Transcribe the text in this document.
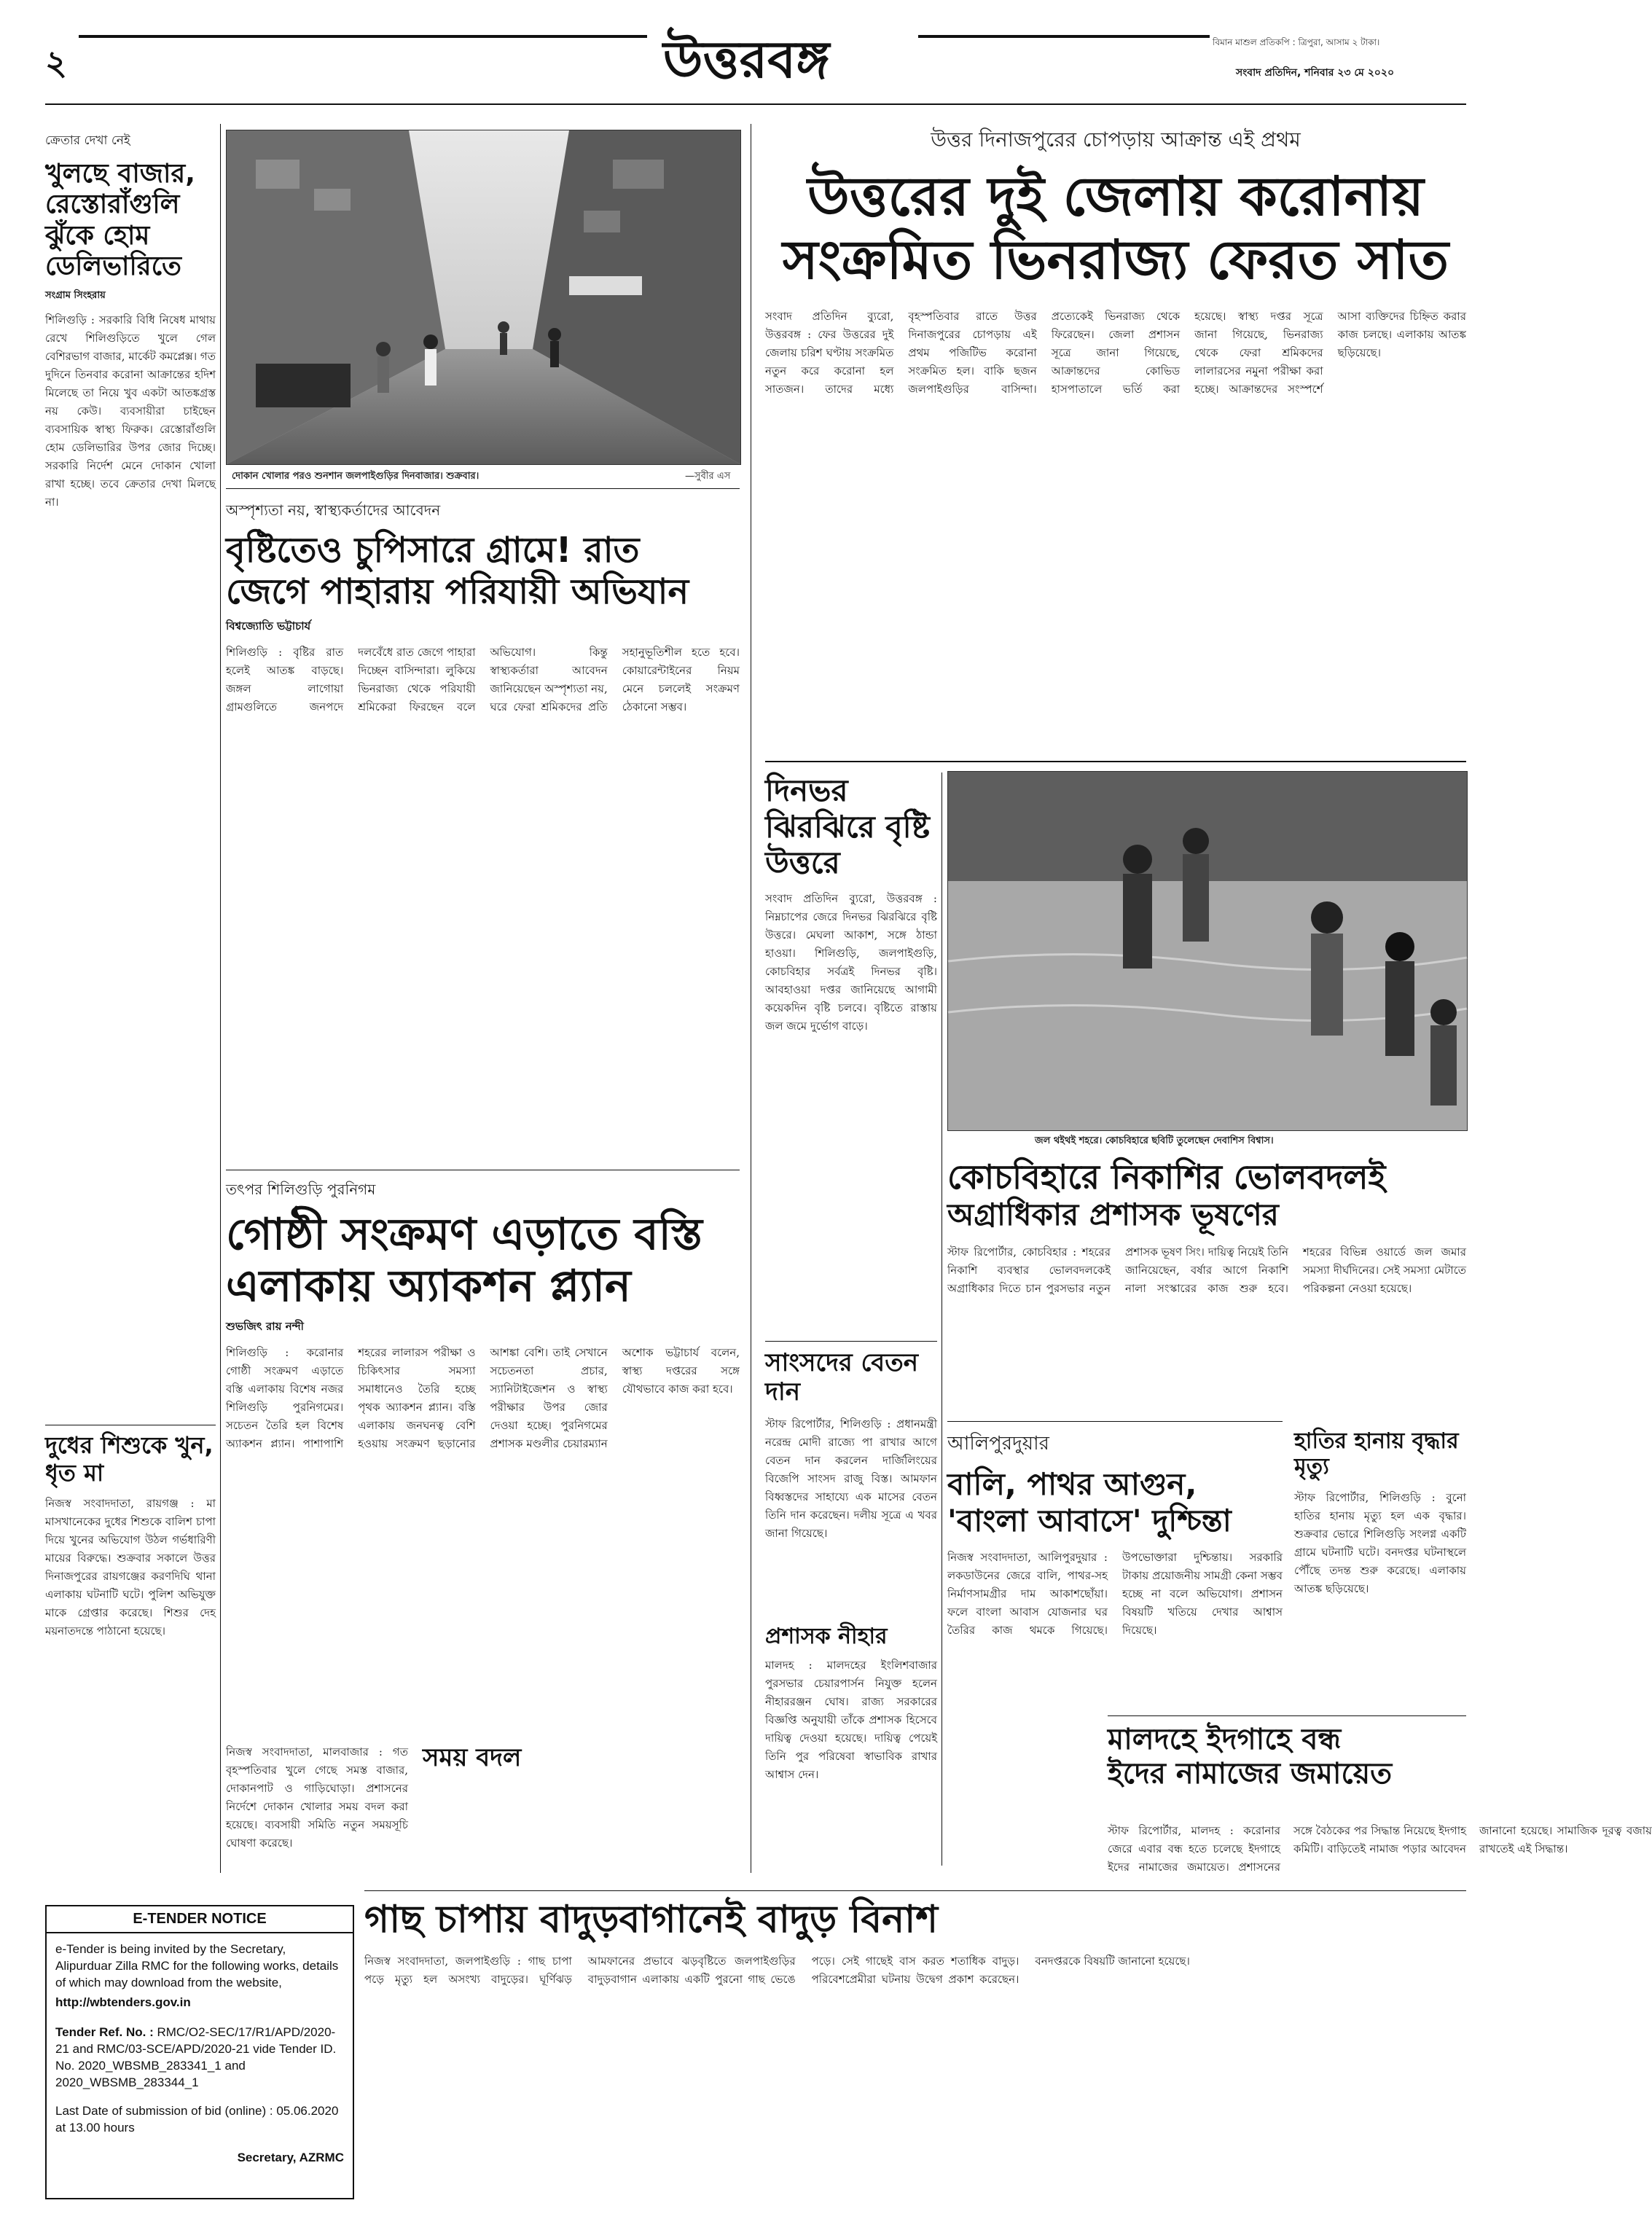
২	উত্তরবঙ্গ	বিমান মাশুল প্রতিকপি : ত্রিপুরা, আসাম ২ টাকা।
সংবাদ প্রতিদিন, শনিবার ২৩ মে ২০২০
ক্রেতার দেখা নেই
খুলছে বাজার, রেস্তোরাঁগুলি ঝুঁকে হোম ডেলিভারিতে
সংগ্রাম সিংহরায়
শিলিগুড়ি : সরকারি বিধি নিষেধ মাথায় রেখে শিলিগুড়িতে খুলে গেল বেশিরভাগ বাজার, মার্কেট কমপ্লেক্স। গত দুদিনে তিনবার করোনা আক্রান্তের হদিশ মিলেছে তা নিয়ে খুব একটা আতঙ্কগ্রস্ত নয় কেউ। ব্যবসায়ীরা চাইছেন ব্যবসায়িক স্বাস্থ্য ফিরুক। রেস্তোরাঁগুলি হোম ডেলিভারির উপর জোর দিচ্ছে। সরকারি নির্দেশ মেনে দোকান খোলা রাখা হচ্ছে। তবে ক্রেতার দেখা মিলছে না।
দোকান খোলার পরও শুনশান জলপাইগুড়ির দিনবাজার। শুক্রবার।	—সুবীর এস
অস্পৃশ্যতা নয়, স্বাস্থ্যকর্তাদের আবেদন
বৃষ্টিতেও চুপিসারে গ্রামে! রাত
জেগে পাহারায় পরিযায়ী অভিযান
বিশ্বজ্যোতি ভট্টাচার্য
শিলিগুড়ি : বৃষ্টির রাত হলেই আতঙ্ক বাড়ছে। জঙ্গল লাগোয়া গ্রামগুলিতে জনপদে দলবেঁধে রাত জেগে পাহারা দিচ্ছেন বাসিন্দারা। লুকিয়ে ভিনরাজ্য থেকে পরিযায়ী শ্রমিকেরা ফিরছেন বলে অভিযোগ। কিন্তু স্বাস্থ্যকর্তারা আবেদন জানিয়েছেন অস্পৃশ্যতা নয়, ঘরে ফেরা শ্রমিকদের প্রতি সহানুভূতিশীল হতে হবে। কোয়ারেন্টাইনের নিয়ম মেনে চললেই সংক্রমণ ঠেকানো সম্ভব।
তৎপর শিলিগুড়ি পুরনিগম
গোষ্ঠী সংক্রমণ এড়াতে বস্তি
এলাকায় অ্যাকশন প্ল্যান
শুভজিৎ রায় নন্দী
শিলিগুড়ি : করোনার গোষ্ঠী সংক্রমণ এড়াতে বস্তি এলাকায় বিশেষ নজর শিলিগুড়ি পুরনিগমের। সচেতন তৈরি হল বিশেষ অ্যাকশন প্ল্যান। পাশাপাশি শহরের লালারস পরীক্ষা ও চিকিৎসার সমস্যা সমাধানেও তৈরি হচ্ছে পৃথক অ্যাকশন প্ল্যান। বস্তি এলাকায় জনঘনত্ব বেশি হওয়ায় সংক্রমণ ছড়ানোর আশঙ্কা বেশি। তাই সেখানে সচেতনতা প্রচার, স্যানিটাইজেশন ও স্বাস্থ্য পরীক্ষার উপর জোর দেওয়া হচ্ছে। পুরনিগমের প্রশাসক মণ্ডলীর চেয়ারম্যান অশোক ভট্টাচার্য বলেন, স্বাস্থ্য দপ্তরের সঙ্গে যৌথভাবে কাজ করা হবে।
দুধের শিশুকে খুন, ধৃত মা
নিজস্ব সংবাদদাতা, রায়গঞ্জ : মা মাসখানেকের দুধের শিশুকে বালিশ চাপা দিয়ে খুনের অভিযোগ উঠল গর্ভধারিণী মায়ের বিরুদ্ধে। শুক্রবার সকালে উত্তর দিনাজপুরের রায়গঞ্জের করণদিঘি থানা এলাকায় ঘটনাটি ঘটে। পুলিশ অভিযুক্ত মাকে গ্রেপ্তার করেছে। শিশুর দেহ ময়নাতদন্তে পাঠানো হয়েছে।
নিজস্ব সংবাদদাতা, মালবাজার : গত বৃহস্পতিবার খুলে গেছে সমস্ত বাজার, দোকানপাট ও গাড়িঘোড়া। প্রশাসনের নির্দেশে দোকান খোলার সময় বদল করা হয়েছে। ব্যবসায়ী সমিতি নতুন সময়সূচি ঘোষণা করেছে।
সময় বদল
গাছ চাপায় বাদুড়বাগানেই বাদুড় বিনাশ
নিজস্ব সংবাদদাতা, জলপাইগুড়ি : গাছ চাপা পড়ে মৃত্যু হল অসংখ্য বাদুড়ের। ঘূর্ণিঝড় আমফানের প্রভাবে ঝড়বৃষ্টিতে জলপাইগুড়ির বাদুড়বাগান এলাকায় একটি পুরনো গাছ ভেঙে পড়ে। সেই গাছেই বাস করত শতাধিক বাদুড়। পরিবেশপ্রেমীরা ঘটনায় উদ্বেগ প্রকাশ করেছেন। বনদপ্তরকে বিষয়টি জানানো হয়েছে।
E-TENDER NOTICE
e-Tender is being invited by the Secretary, Alipurduar Zilla RMC for the following works, details of which may download from the website,
http://wbtenders.gov.in
Tender Ref. No. : RMC/O2-SEC/17/R1/APD/2020-21 and RMC/03-SCE/APD/2020-21 vide Tender ID. No. 2020_WBSMB_283341_1 and 2020_WBSMB_283344_1
Last Date of submission of bid (online) : 05.06.2020 at 13.00 hours
Secretary, AZRMC
উত্তর দিনাজপুরের চোপড়ায় আক্রান্ত এই প্রথম
উত্তরের দুই জেলায় করোনায়
সংক্রমিত ভিনরাজ্য ফেরত সাত
সংবাদ প্রতিদিন ব্যুরো, উত্তরবঙ্গ : ফের উত্তরের দুই জেলায় চরিশ ঘণ্টায় সংক্রমিত নতুন করে করোনা হল সাতজন। তাদের মধ্যে বৃহস্পতিবার রাতে উত্তর দিনাজপুরের চোপড়ায় এই প্রথম পজিটিভ করোনা সংক্রমিত হল। বাকি ছজন জলপাইগুড়ির বাসিন্দা। প্রত্যেকেই ভিনরাজ্য থেকে ফিরেছেন। জেলা প্রশাসন সূত্রে জানা গিয়েছে, আক্রান্তদের কোভিড হাসপাতালে ভর্তি করা হয়েছে। স্বাস্থ্য দপ্তর সূত্রে জানা গিয়েছে, ভিনরাজ্য থেকে ফেরা শ্রমিকদের লালারসের নমুনা পরীক্ষা করা হচ্ছে। আক্রান্তদের সংস্পর্শে আসা ব্যক্তিদের চিহ্নিত করার কাজ চলছে। এলাকায় আতঙ্ক ছড়িয়েছে।
দিনভর ঝিরঝিরে বৃষ্টি উত্তরে
সংবাদ প্রতিদিন ব্যুরো, উত্তরবঙ্গ : নিম্নচাপের জেরে দিনভর ঝিরঝিরে বৃষ্টি উত্তরে। মেঘলা আকাশ, সঙ্গে ঠান্ডা হাওয়া। শিলিগুড়ি, জলপাইগুড়ি, কোচবিহার সর্বত্রই দিনভর বৃষ্টি। আবহাওয়া দপ্তর জানিয়েছে আগামী কয়েকদিন বৃষ্টি চলবে। বৃষ্টিতে রাস্তায় জল জমে দুর্ভোগ বাড়ে।
জল থইথই শহরে। কোচবিহারে ছবিটি তুলেছেন দেবাশিস বিশ্বাস।
কোচবিহারে নিকাশির ভোলবদলই
অগ্রাধিকার প্রশাসক ভূষণের
স্টাফ রিপোর্টার, কোচবিহার : শহরের নিকাশি ব্যবস্থার ভোলবদলকেই অগ্রাধিকার দিতে চান পুরসভার নতুন প্রশাসক ভূষণ সিং। দায়িত্ব নিয়েই তিনি জানিয়েছেন, বর্ষার আগে নিকাশি নালা সংস্কারের কাজ শুরু হবে। শহরের বিভিন্ন ওয়ার্ডে জল জমার সমস্যা দীর্ঘদিনের। সেই সমস্যা মেটাতে পরিকল্পনা নেওয়া হয়েছে।
সাংসদের বেতন দান
স্টাফ রিপোর্টার, শিলিগুড়ি : প্রধানমন্ত্রী নরেন্দ্র মোদী রাজ্যে পা রাখার আগে বেতন দান করলেন দার্জিলিংয়ের বিজেপি সাংসদ রাজু বিস্ত। আমফান বিধ্বস্তদের সাহায্যে এক মাসের বেতন তিনি দান করেছেন। দলীয় সূত্রে এ খবর জানা গিয়েছে।
প্রশাসক নীহার
মালদহ : মালদহের ইংলিশবাজার পুরসভার চেয়ারপার্সন নিযুক্ত হলেন নীহাররঞ্জন ঘোষ। রাজ্য সরকারের বিজ্ঞপ্তি অনুযায়ী তাঁকে প্রশাসক হিসেবে দায়িত্ব দেওয়া হয়েছে। দায়িত্ব পেয়েই তিনি পুর পরিষেবা স্বাভাবিক রাখার আশ্বাস দেন।
আলিপুরদুয়ার
বালি, পাথর আগুন,
'বাংলা আবাসে' দুশ্চিন্তা
নিজস্ব সংবাদদাতা, আলিপুরদুয়ার : লকডাউনের জেরে বালি, পাথর-সহ নির্মাণসামগ্রীর দাম আকাশছোঁয়া। ফলে বাংলা আবাস যোজনার ঘর তৈরির কাজ থমকে গিয়েছে। উপভোক্তারা দুশ্চিন্তায়। সরকারি টাকায় প্রয়োজনীয় সামগ্রী কেনা সম্ভব হচ্ছে না বলে অভিযোগ। প্রশাসন বিষয়টি খতিয়ে দেখার আশ্বাস দিয়েছে।
হাতির হানায় বৃদ্ধার মৃত্যু
স্টাফ রিপোর্টার, শিলিগুড়ি : বুনো হাতির হানায় মৃত্যু হল এক বৃদ্ধার। শুক্রবার ভোরে শিলিগুড়ি সংলগ্ন একটি গ্রামে ঘটনাটি ঘটে। বনদপ্তর ঘটনাস্থলে পৌঁছে তদন্ত শুরু করেছে। এলাকায় আতঙ্ক ছড়িয়েছে।
মালদহে ইদগাহে বন্ধ
ইদের নামাজের জমায়েত
স্টাফ রিপোর্টার, মালদহ : করোনার জেরে এবার বন্ধ হতে চলেছে ইদগাহে ইদের নামাজের জমায়েত। প্রশাসনের সঙ্গে বৈঠকের পর সিদ্ধান্ত নিয়েছে ইদগাহ কমিটি। বাড়িতেই নামাজ পড়ার আবেদন জানানো হয়েছে। সামাজিক দূরত্ব বজায় রাখতেই এই সিদ্ধান্ত।
